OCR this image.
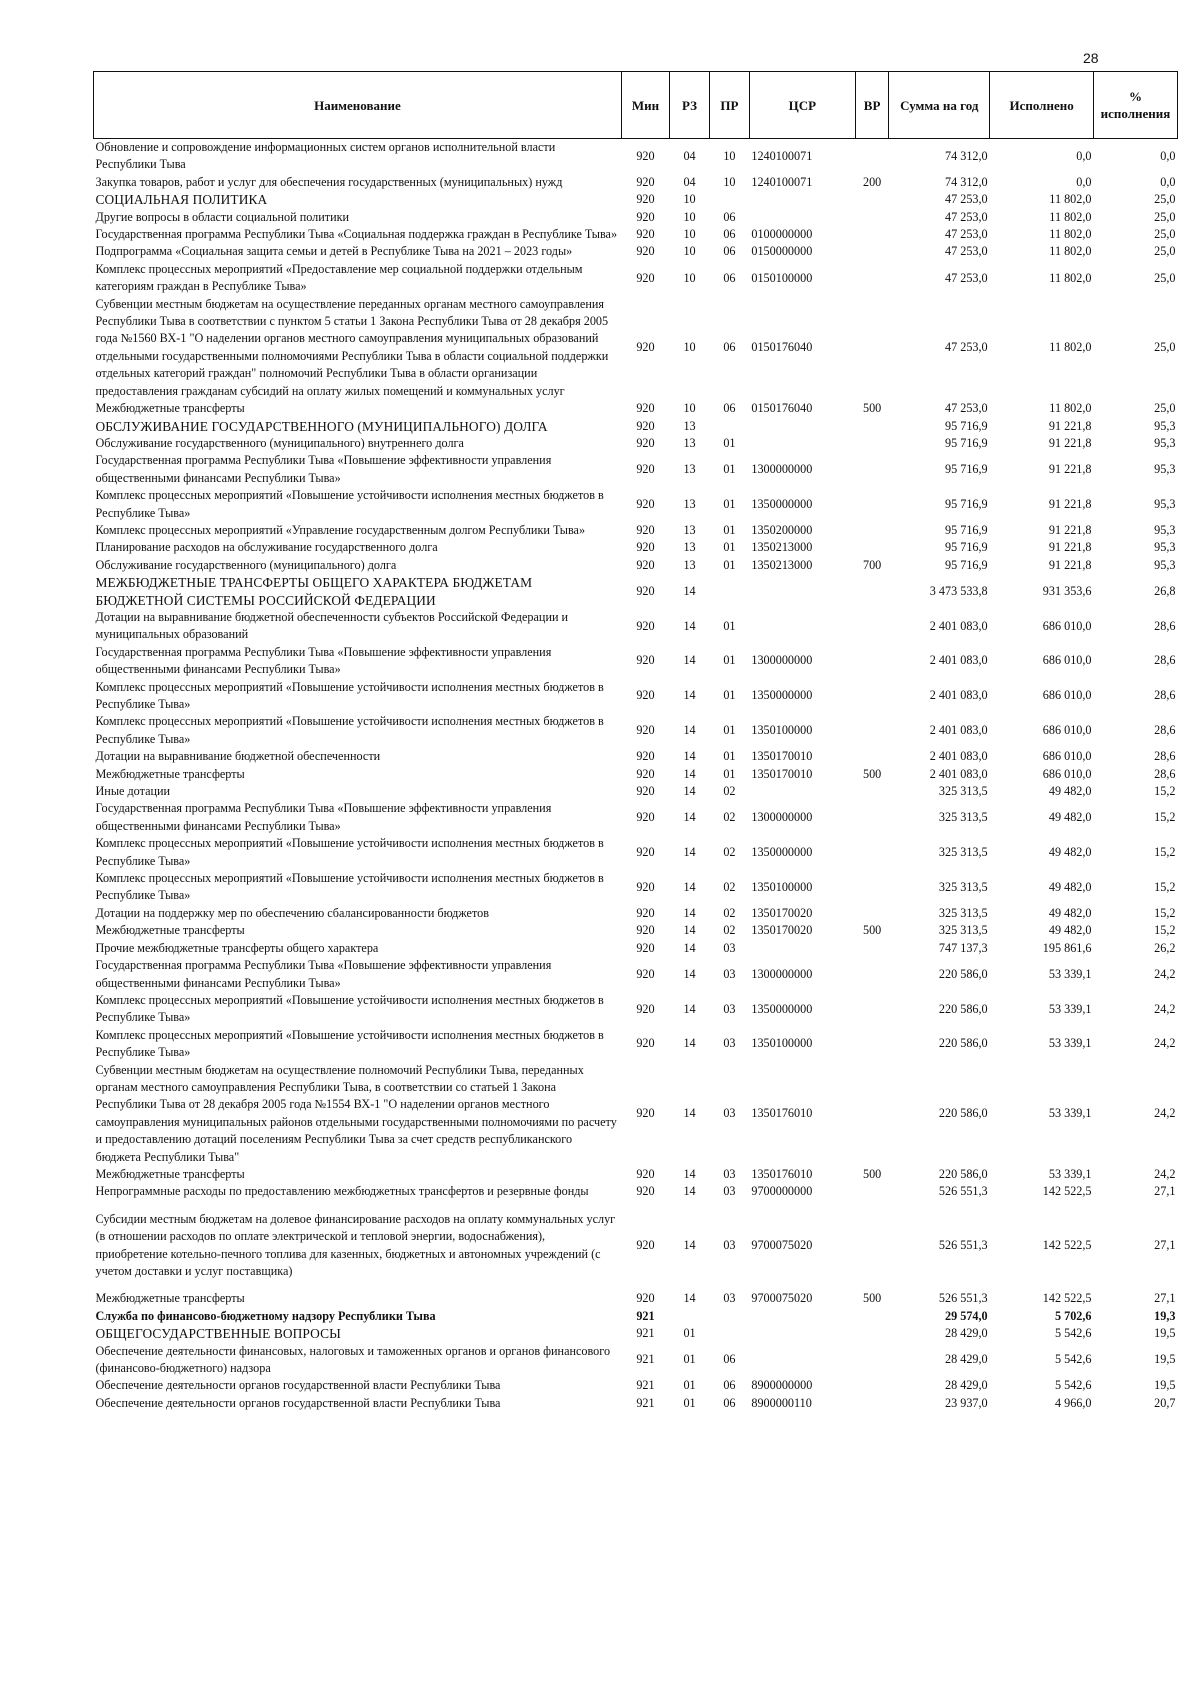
28
Наименование	Мин	РЗ	ПР	ЦСР	ВР	Сумма на год	Исполнено	% исполнения
Обновление и сопровождение информационных систем органов исполнительной власти Республики Тыва	920	04	10	1240100071		74 312,0	0,0	0,0
Закупка товаров, работ и услуг для обеспечения государственных (муниципальных) нужд	920	04	10	1240100071	200	74 312,0	0,0	0,0
СОЦИАЛЬНАЯ ПОЛИТИКА	920	10				47 253,0	11 802,0	25,0
Другие вопросы в области социальной политики	920	10	06			47 253,0	11 802,0	25,0
Государственная программа Республики Тыва «Социальная поддержка граждан в Республике Тыва»	920	10	06	0100000000		47 253,0	11 802,0	25,0
Подпрограмма «Социальная защита семьи и детей в Республике Тыва на 2021 – 2023 годы»	920	10	06	0150000000		47 253,0	11 802,0	25,0
Комплекс процессных мероприятий «Предоставление мер социальной поддержки отдельным категориям граждан в Республике Тыва»	920	10	06	0150100000		47 253,0	11 802,0	25,0
Субвенции местным бюджетам на осуществление переданных органам местного самоуправления Республики Тыва в соответствии с пунктом 5 статьи 1 Закона Республики Тыва от 28 декабря 2005 года №1560 ВХ-1 "О наделении органов местного самоуправления муниципальных образований отдельными государственными полномочиями Республики Тыва в области социальной поддержки отдельных категорий граждан" полномочий Республики Тыва в области организации предоставления гражданам субсидий на оплату жилых помещений и коммунальных услуг	920	10	06	0150176040		47 253,0	11 802,0	25,0
Межбюджетные трансферты	920	10	06	0150176040	500	47 253,0	11 802,0	25,0
ОБСЛУЖИВАНИЕ ГОСУДАРСТВЕННОГО (МУНИЦИПАЛЬНОГО) ДОЛГА	920	13				95 716,9	91 221,8	95,3
Обслуживание государственного (муниципального) внутреннего долга	920	13	01			95 716,9	91 221,8	95,3
Государственная программа Республики Тыва «Повышение эффективности управления общественными финансами Республики Тыва»	920	13	01	1300000000		95 716,9	91 221,8	95,3
Комплекс процессных мероприятий «Повышение устойчивости исполнения местных бюджетов в Республике Тыва»	920	13	01	1350000000		95 716,9	91 221,8	95,3
Комплекс процессных мероприятий «Управление государственным долгом Республики Тыва»	920	13	01	1350200000		95 716,9	91 221,8	95,3
Планирование расходов на обслуживание государственного долга	920	13	01	1350213000		95 716,9	91 221,8	95,3
Обслуживание государственного (муниципального) долга	920	13	01	1350213000	700	95 716,9	91 221,8	95,3
МЕЖБЮДЖЕТНЫЕ ТРАНСФЕРТЫ ОБЩЕГО ХАРАКТЕРА БЮДЖЕТАМ БЮДЖЕТНОЙ СИСТЕМЫ РОССИЙСКОЙ ФЕДЕРАЦИИ	920	14				3 473 533,8	931 353,6	26,8
Дотации на выравнивание бюджетной обеспеченности субъектов Российской Федерации и муниципальных образований	920	14	01			2 401 083,0	686 010,0	28,6
Государственная программа Республики Тыва «Повышение эффективности управления общественными финансами Республики Тыва»	920	14	01	1300000000		2 401 083,0	686 010,0	28,6
Комплекс процессных мероприятий «Повышение устойчивости исполнения местных бюджетов в Республике Тыва»	920	14	01	1350000000		2 401 083,0	686 010,0	28,6
Комплекс процессных мероприятий «Повышение устойчивости исполнения местных бюджетов в Республике Тыва»	920	14	01	1350100000		2 401 083,0	686 010,0	28,6
Дотации на выравнивание бюджетной обеспеченности	920	14	01	1350170010		2 401 083,0	686 010,0	28,6
Межбюджетные трансферты	920	14	01	1350170010	500	2 401 083,0	686 010,0	28,6
Иные дотации	920	14	02			325 313,5	49 482,0	15,2
Государственная программа Республики Тыва «Повышение эффективности управления общественными финансами Республики Тыва»	920	14	02	1300000000		325 313,5	49 482,0	15,2
Комплекс процессных мероприятий «Повышение устойчивости исполнения местных бюджетов в Республике Тыва»	920	14	02	1350000000		325 313,5	49 482,0	15,2
Комплекс процессных мероприятий «Повышение устойчивости исполнения местных бюджетов в Республике Тыва»	920	14	02	1350100000		325 313,5	49 482,0	15,2
Дотации на поддержку мер по обеспечению сбалансированности бюджетов	920	14	02	1350170020		325 313,5	49 482,0	15,2
Межбюджетные трансферты	920	14	02	1350170020	500	325 313,5	49 482,0	15,2
Прочие межбюджетные трансферты общего характера	920	14	03			747 137,3	195 861,6	26,2
Государственная программа Республики Тыва «Повышение эффективности управления общественными финансами Республики Тыва»	920	14	03	1300000000		220 586,0	53 339,1	24,2
Комплекс процессных мероприятий «Повышение устойчивости исполнения местных бюджетов в Республике Тыва»	920	14	03	1350000000		220 586,0	53 339,1	24,2
Комплекс процессных мероприятий «Повышение устойчивости исполнения местных бюджетов в Республике Тыва»	920	14	03	1350100000		220 586,0	53 339,1	24,2
Субвенции местным бюджетам на осуществление полномочий Республики Тыва, переданных органам местного самоуправления Республики Тыва, в соответствии со статьей 1 Закона Республики Тыва от 28 декабря 2005 года №1554 ВХ-1 "О наделении органов местного самоуправления муниципальных районов отдельными государственными полномочиями по расчету и предоставлению дотаций поселениям Республики Тыва за счет средств республиканского бюджета Республики Тыва"	920	14	03	1350176010		220 586,0	53 339,1	24,2
Межбюджетные трансферты	920	14	03	1350176010	500	220 586,0	53 339,1	24,2
Непрограммные расходы по предоставлению межбюджетных трансфертов и резервные фонды	920	14	03	9700000000		526 551,3	142 522,5	27,1
Субсидии местным бюджетам на долевое финансирование расходов на оплату коммунальных услуг (в отношении расходов по оплате электрической и тепловой энергии, водоснабжения), приобретение котельно-печного топлива для казенных, бюджетных и автономных учреждений (с учетом доставки и услуг поставщика)	920	14	03	9700075020		526 551,3	142 522,5	27,1
Межбюджетные трансферты	920	14	03	9700075020	500	526 551,3	142 522,5	27,1
Служба по финансово-бюджетному надзору Республики Тыва	921					29 574,0	5 702,6	19,3
ОБЩЕГОСУДАРСТВЕННЫЕ ВОПРОСЫ	921	01				28 429,0	5 542,6	19,5
Обеспечение деятельности финансовых, налоговых и таможенных органов и органов финансового (финансово-бюджетного) надзора	921	01	06			28 429,0	5 542,6	19,5
Обеспечение деятельности органов государственной власти Республики Тыва	921	01	06	8900000000		28 429,0	5 542,6	19,5
Обеспечение деятельности органов государственной власти Республики Тыва	921	01	06	8900000110		23 937,0	4 966,0	20,7
